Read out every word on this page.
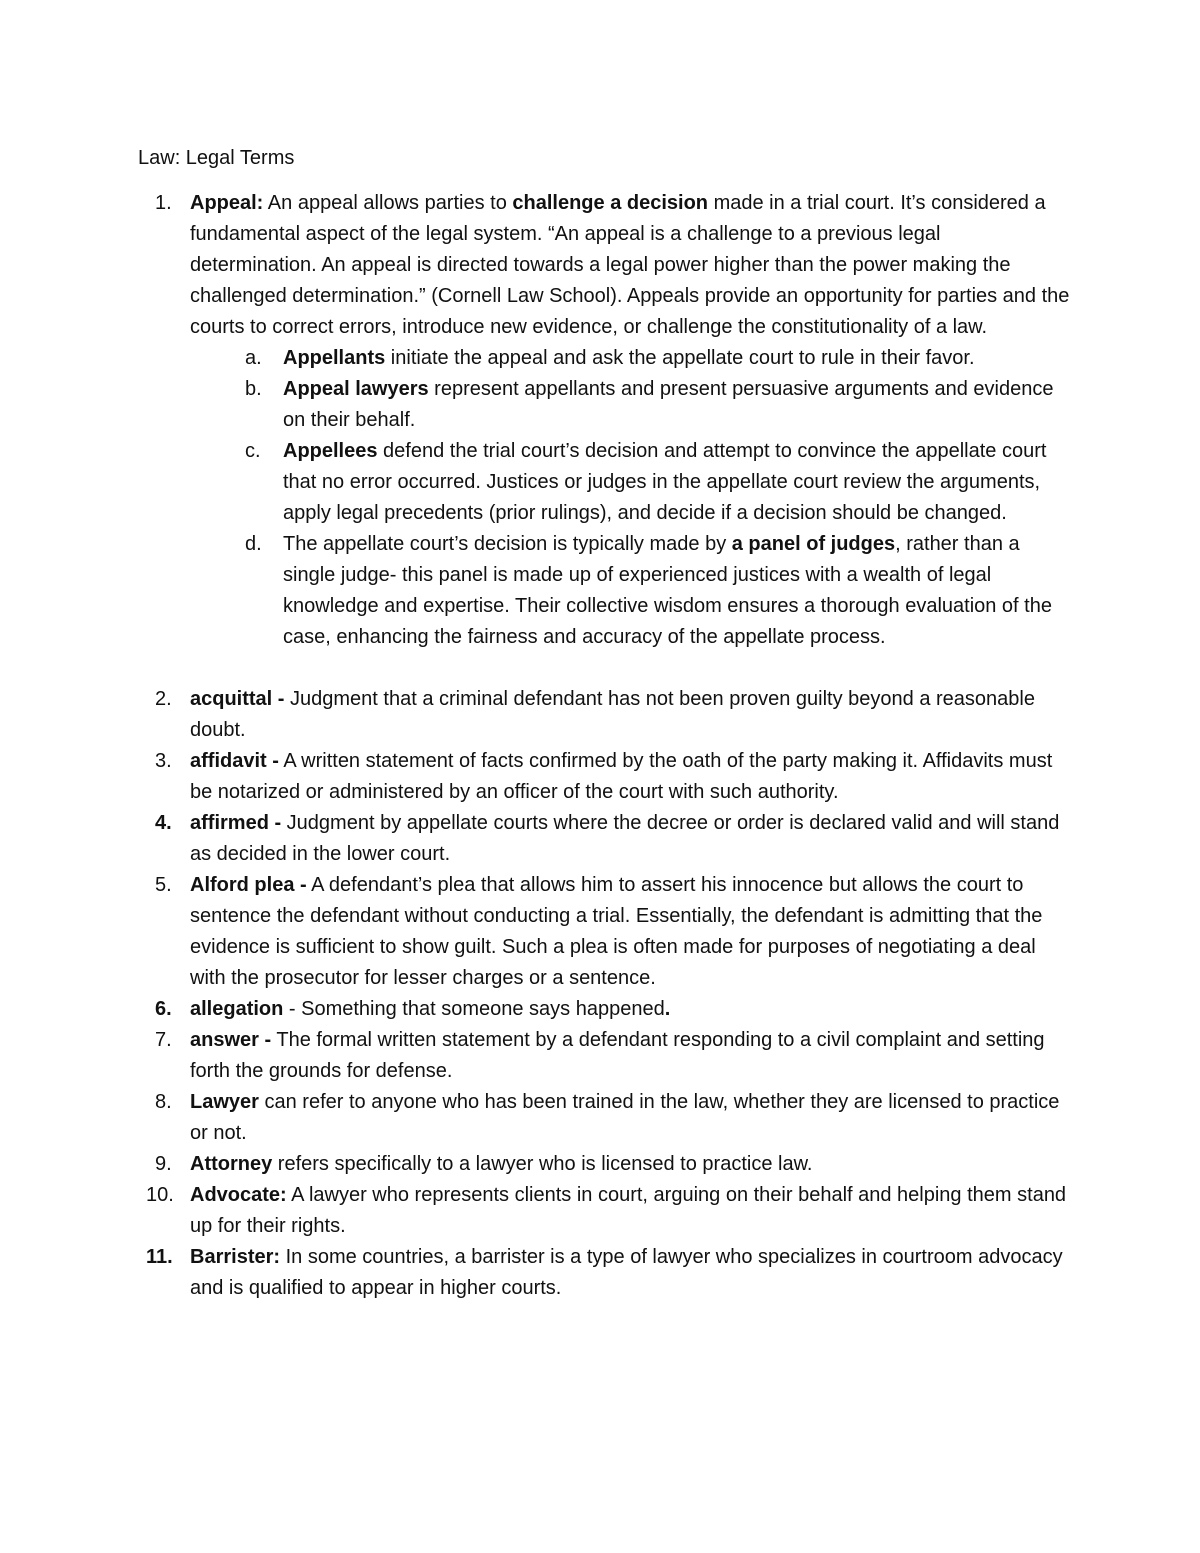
Law: Legal Terms

1. Appeal: An appeal allows parties to challenge a decision made in a trial court. It’s considered a fundamental aspect of the legal system. “An appeal is a challenge to a previous legal determination. An appeal is directed towards a legal power higher than the power making the challenged determination.” (Cornell Law School). Appeals provide an opportunity for parties and the courts to correct errors, introduce new evidence, or challenge the constitutionality of a law.
a. Appellants initiate the appeal and ask the appellate court to rule in their favor.
b. Appeal lawyers represent appellants and present persuasive arguments and evidence on their behalf.
c. Appellees defend the trial court’s decision and attempt to convince the appellate court that no error occurred. Justices or judges in the appellate court review the arguments, apply legal precedents (prior rulings), and decide if a decision should be changed.
d. The appellate court’s decision is typically made by a panel of judges, rather than a single judge- this panel is made up of experienced justices with a wealth of legal knowledge and expertise. Their collective wisdom ensures a thorough evaluation of the case, enhancing the fairness and accuracy of the appellate process.
2. acquittal - Judgment that a criminal defendant has not been proven guilty beyond a reasonable doubt.
3. affidavit - A written statement of facts confirmed by the oath of the party making it. Affidavits must be notarized or administered by an officer of the court with such authority.
4. affirmed - Judgment by appellate courts where the decree or order is declared valid and will stand as decided in the lower court.
5. Alford plea - A defendant’s plea that allows him to assert his innocence but allows the court to sentence the defendant without conducting a trial. Essentially, the defendant is admitting that the evidence is sufficient to show guilt. Such a plea is often made for purposes of negotiating a deal with the prosecutor for lesser charges or a sentence.
6. allegation - Something that someone says happened.
7. answer - The formal written statement by a defendant responding to a civil complaint and setting forth the grounds for defense.
8. Lawyer can refer to anyone who has been trained in the law, whether they are licensed to practice or not.
9. Attorney refers specifically to a lawyer who is licensed to practice law.
10. Advocate: A lawyer who represents clients in court, arguing on their behalf and helping them stand up for their rights.
11. Barrister: In some countries, a barrister is a type of lawyer who specializes in courtroom advocacy and is qualified to appear in higher courts.
